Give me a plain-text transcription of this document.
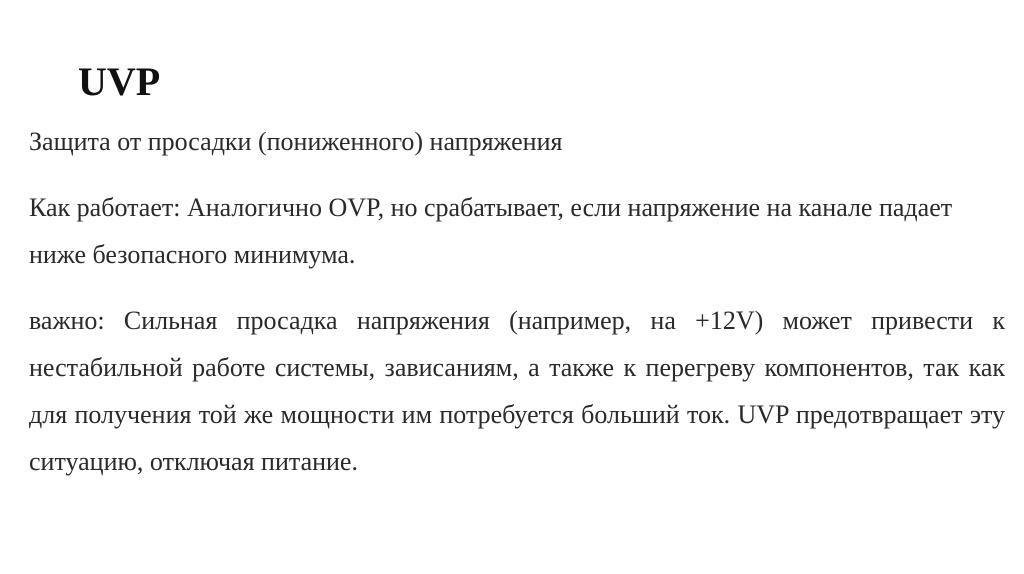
UVP

Защита от просадки (пониженного) напряжения

Как работает: Аналогично OVP, но срабатывает, если напряжение на канале падает ниже безопасного минимума.

важно: Сильная просадка напряжения (например, на +12V) может привести к нестабильной работе системы, зависаниям, а также к перегреву компонентов, так как для получения той же мощности им потребуется больший ток. UVP предотвращает эту ситуацию, отключая питание.
